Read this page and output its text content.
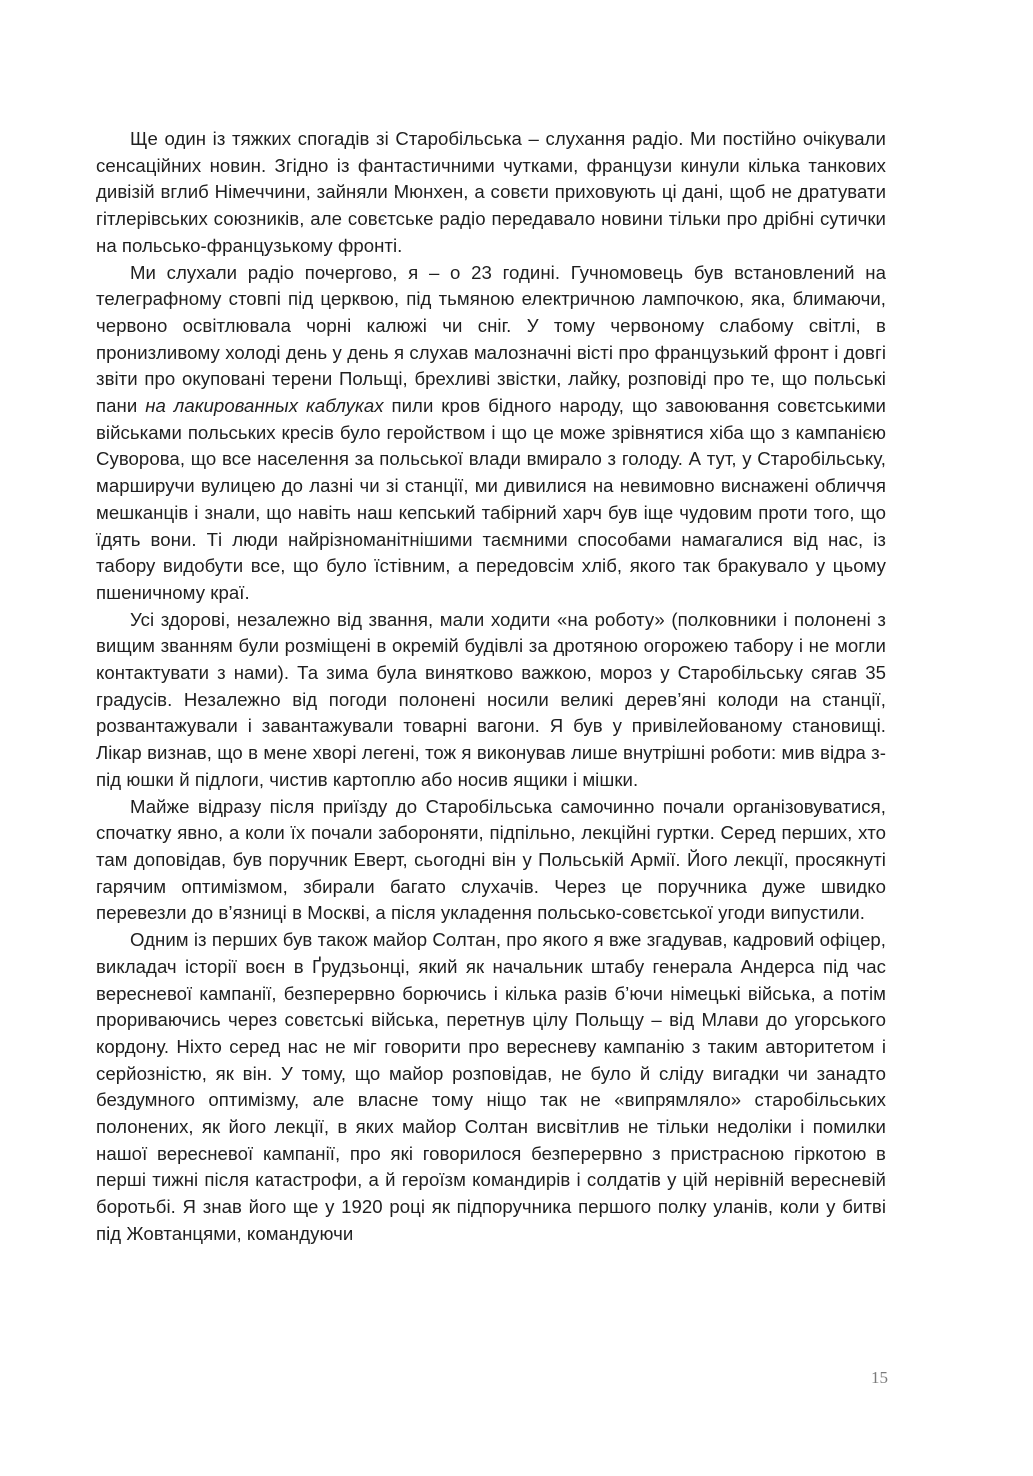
Ще один із тяжких спогадів зі Старобільська – слухання радіо. Ми постійно очікували сенсаційних новин. Згідно із фантастичними чутками, французи кинули кілька танкових дивізій вглиб Німеччини, зайняли Мюнхен, а совєти приховують ці дані, щоб не дратувати гітлерівських союзників, але совєтське радіо передавало новини тільки про дрібні сутички на польсько-французькому фронті.

Ми слухали радіо почергово, я – о 23 годині. Гучномовець був встановлений на телеграфному стовпі під церквою, під тьмяною електричною лампочкою, яка, блимаючи, червоно освітлювала чорні калюжі чи сніг. У тому червоному слабому світлі, в пронизливому холоді день у день я слухав малозначні вісті про французький фронт і довгі звіти про окуповані терени Польщі, брехливі звістки, лайку, розповіді про те, що польські пани на лакированных каблуках пили кров бідного народу, що завоювання совєтськими військами польських кресів було геройством і що це може зрівнятися хіба що з кампанією Суворова, що все населення за польської влади вмирало з голоду. А тут, у Старобільську, марширучи вулицею до лазні чи зі станції, ми дивилися на невимовно виснажені обличчя мешканців і знали, що навіть наш кепський табірний харч був іще чудовим проти того, що їдять вони. Ті люди найрізноманітнішими таємними способами намагалися від нас, із табору видобути все, що було їстівним, а передовсім хліб, якого так бракувало у цьому пшеничному краї.

Усі здорові, незалежно від звання, мали ходити «на роботу» (полковники і полонені з вищим званням були розміщені в окремій будівлі за дротяною огорожею табору і не могли контактувати з нами). Та зима була винятково важкою, мороз у Старобільську сягав 35 градусів. Незалежно від погоди полонені носили великі дерев’яні колоди на станції, розвантажували і завантажували товарні вагони. Я був у привілейованому становищі. Лікар визнав, що в мене хворі легені, тож я виконував лише внутрішні роботи: мив відра з-під юшки й підлоги, чистив картоплю або носив ящики і мішки.

Майже відразу після приїзду до Старобільська самочинно почали організовуватися, спочатку явно, а коли їх почали забороняти, підпільно, лекційні гуртки. Серед перших, хто там доповідав, був поручник Еверт, сьогодні він у Польській Армії. Його лекції, просякнуті гарячим оптимізмом, збирали багато слухачів. Через це поручника дуже швидко перевезли до в’язниці в Москві, а після укладення польсько-совєтської угоди випустили.

Одним із перших був також майор Солтан, про якого я вже згадував, кадровий офіцер, викладач історії воєн в Ґрудзьонці, який як начальник штабу генерала Андерса під час вересневої кампанії, безперервно борючись і кілька разів б’ючи німецькі війська, а потім прориваючись через совєтські війська, перетнув цілу Польщу – від Млави до угорського кордону. Ніхто серед нас не міг говорити про вересневу кампанію з таким авторитетом і серйозністю, як він. У тому, що майор розповідав, не було й сліду вигадки чи занадто бездумного оптимізму, але власне тому ніщо так не «випрямляло» старобільських полонених, як його лекції, в яких майор Солтан висвітлив не тільки недоліки і помилки нашої вересневої кампанії, про які говорилося безперервно з пристрасною гіркотою в перші тижні після катастрофи, а й героїзм командирів і солдатів у цій нерівній вересневій боротьбі. Я знав його ще у 1920 році як підпоручника першого полку уланів, коли у битві під Жовтанцями, командуючи

15
